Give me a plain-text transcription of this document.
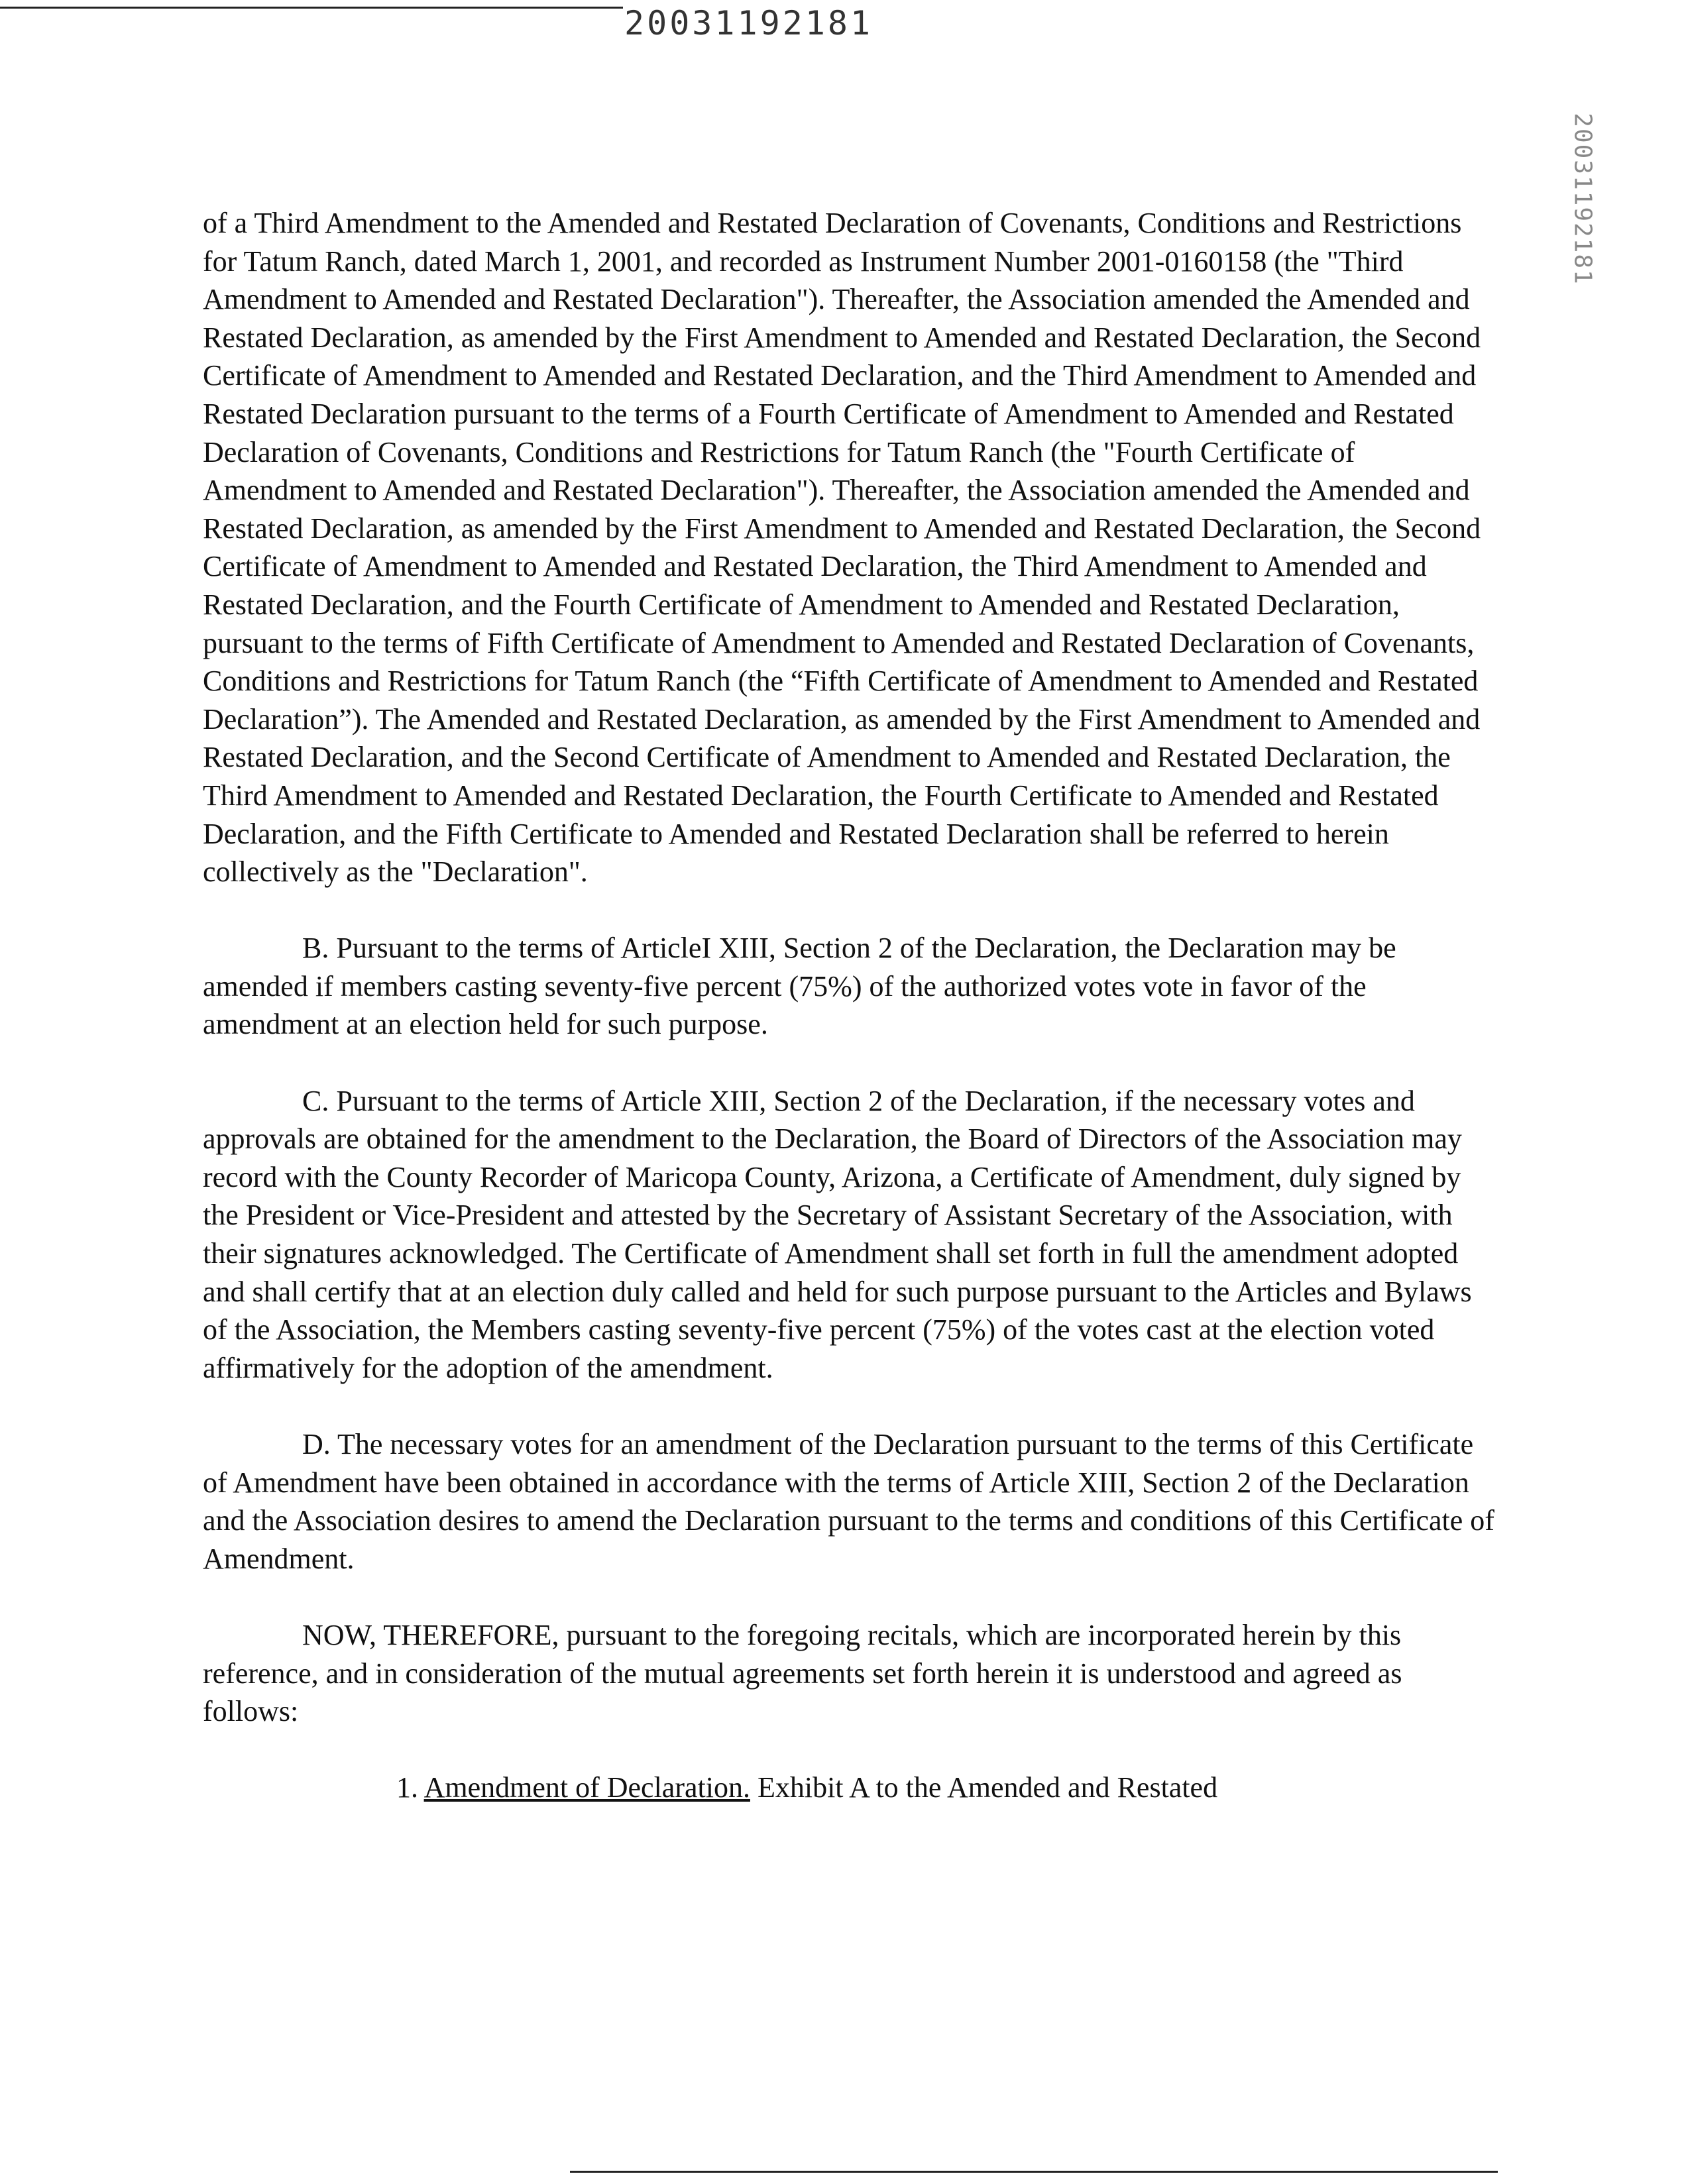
20031192181
20031192181

of a Third Amendment to the Amended and Restated Declaration of Covenants, Conditions and Restrictions for Tatum Ranch, dated March 1, 2001, and recorded as Instrument Number 2001-0160158 (the "Third Amendment to Amended and Restated Declaration"). Thereafter, the Association amended the Amended and Restated Declaration, as amended by the First Amendment to Amended and Restated Declaration, the Second Certificate of Amendment to Amended and Restated Declaration, and the Third Amendment to Amended and Restated Declaration pursuant to the terms of a Fourth Certificate of Amendment to Amended and Restated Declaration of Covenants, Conditions and Restrictions for Tatum Ranch (the "Fourth Certificate of Amendment to Amended and Restated Declaration"). Thereafter, the Association amended the Amended and Restated Declaration, as amended by the First Amendment to Amended and Restated Declaration, the Second Certificate of Amendment to Amended and Restated Declaration, the Third Amendment to Amended and Restated Declaration, and the Fourth Certificate of Amendment to Amended and Restated Declaration, pursuant to the terms of Fifth Certificate of Amendment to Amended and Restated Declaration of Covenants, Conditions and Restrictions for Tatum Ranch (the “Fifth Certificate of Amendment to Amended and Restated Declaration”). The Amended and Restated Declaration, as amended by the First Amendment to Amended and Restated Declaration, and the Second Certificate of Amendment to Amended and Restated Declaration, the Third Amendment to Amended and Restated Declaration, the Fourth Certificate to Amended and Restated Declaration, and the Fifth Certificate to Amended and Restated Declaration shall be referred to herein collectively as the "Declaration".

B. Pursuant to the terms of ArticleI XIII, Section 2 of the Declaration, the Declaration may be amended if members casting seventy-five percent (75%) of the authorized votes vote in favor of the amendment at an election held for such purpose.

C. Pursuant to the terms of Article XIII, Section 2 of the Declaration, if the necessary votes and approvals are obtained for the amendment to the Declaration, the Board of Directors of the Association may record with the County Recorder of Maricopa County, Arizona, a Certificate of Amendment, duly signed by the President or Vice-President and attested by the Secretary of Assistant Secretary of the Association, with their signatures acknowledged. The Certificate of Amendment shall set forth in full the amendment adopted and shall certify that at an election duly called and held for such purpose pursuant to the Articles and Bylaws of the Association, the Members casting seventy-five percent (75%) of the votes cast at the election voted affirmatively for the adoption of the amendment.

D. The necessary votes for an amendment of the Declaration pursuant to the terms of this Certificate of Amendment have been obtained in accordance with the terms of Article XIII, Section 2 of the Declaration and the Association desires to amend the Declaration pursuant to the terms and conditions of this Certificate of Amendment.

NOW, THEREFORE, pursuant to the foregoing recitals, which are incorporated herein by this reference, and in consideration of the mutual agreements set forth herein it is understood and agreed as follows:

1. Amendment of Declaration. Exhibit A to the Amended and Restated
